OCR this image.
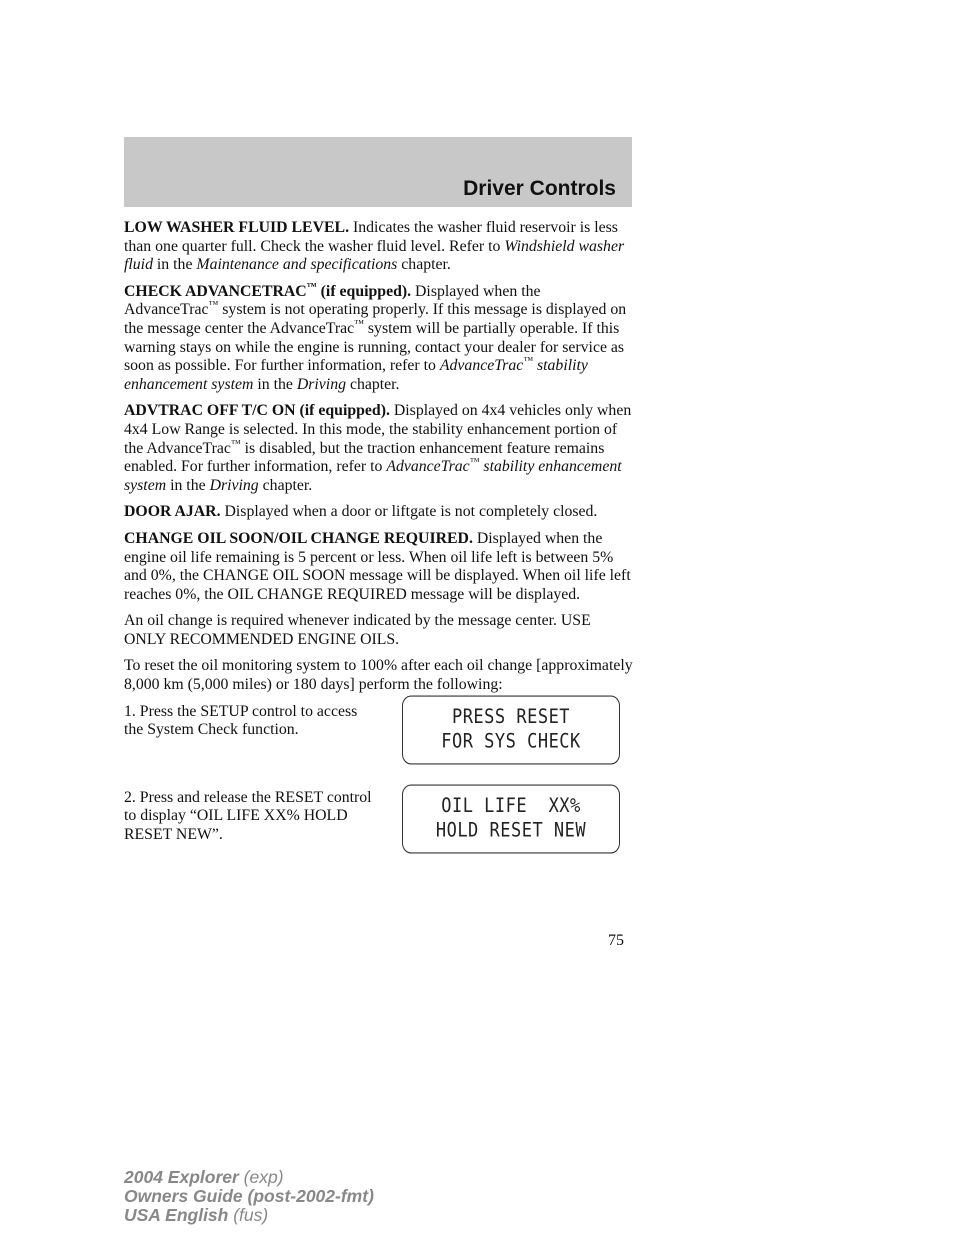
Driver Controls

LOW WASHER FLUID LEVEL. Indicates the washer fluid reservoir is less than one quarter full. Check the washer fluid level. Refer to Windshield washer fluid in the Maintenance and specifications chapter.

CHECK ADVANCETRAC™ (if equipped). Displayed when the AdvanceTrac™ system is not operating properly. If this message is displayed on the message center the AdvanceTrac™ system will be partially operable. If this warning stays on while the engine is running, contact your dealer for service as soon as possible. For further information, refer to AdvanceTrac™ stability enhancement system in the Driving chapter.

ADVTRAC OFF T/C ON (if equipped). Displayed on 4x4 vehicles only when 4x4 Low Range is selected. In this mode, the stability enhancement portion of the AdvanceTrac™ is disabled, but the traction enhancement feature remains enabled. For further information, refer to AdvanceTrac™ stability enhancement system in the Driving chapter.

DOOR AJAR. Displayed when a door or liftgate is not completely closed.

CHANGE OIL SOON/OIL CHANGE REQUIRED. Displayed when the engine oil life remaining is 5 percent or less. When oil life left is between 5% and 0%, the CHANGE OIL SOON message will be displayed. When oil life left reaches 0%, the OIL CHANGE REQUIRED message will be displayed.

An oil change is required whenever indicated by the message center. USE ONLY RECOMMENDED ENGINE OILS.

To reset the oil monitoring system to 100% after each oil change [approximately 8,000 km (5,000 miles) or 180 days] perform the following:

1. Press the SETUP control to access the System Check function.
PRESS RESET
FOR SYS CHECK
2. Press and release the RESET control to display “OIL LIFE XX% HOLD RESET NEW”.
OIL LIFE  XX%
HOLD RESET NEW
75
2004 Explorer (exp)
Owners Guide (post-2002-fmt)
USA English (fus)
